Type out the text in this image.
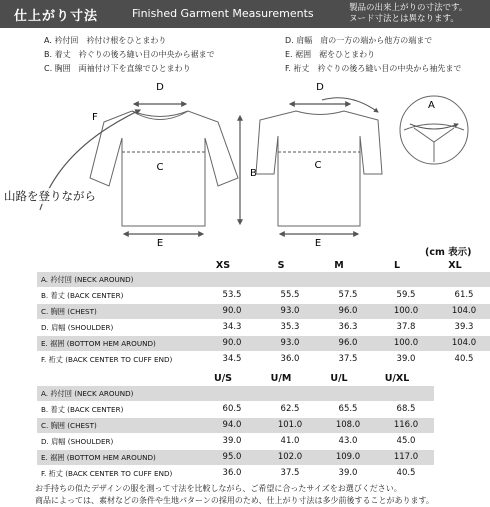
仕上がり寸法	Finished Garment Measurements	製品の出来上がりの寸法です。
ヌード寸法とは異なります。
A. 衿付回　衿付け根をひとまわり
B. 着丈　衿ぐりの後ろ縫い目の中央から裾まで
C. 胸囲　両袖付け下を直線でひとまわり
D. 肩幅　肩の一方の端から他方の端まで
E. 裾囲　裾をひとまわり
F. 裄丈　衿ぐりの後ろ縫い目の中央から袖先まで
D
F
C
E
B
D
C
E
A
山路を登りながら
(cm 表示)
XS	S	M	L	XL
A. 衿付回 (NECK AROUND)
B. 着丈 (BACK CENTER)	53.5	55.5	57.5	59.5	61.5
C. 胸囲 (CHEST)	90.0	93.0	96.0	100.0	104.0
D. 肩幅 (SHOULDER)	34.3	35.3	36.3	37.8	39.3
E. 裾囲 (BOTTOM HEM AROUND)	90.0	93.0	96.0	100.0	104.0
F. 裄丈 (BACK CENTER TO CUFF END)	34.5	36.0	37.5	39.0	40.5
U/S	U/M	U/L	U/XL
A. 衿付回 (NECK AROUND)
B. 着丈 (BACK CENTER)	60.5	62.5	65.5	68.5
C. 胸囲 (CHEST)	94.0	101.0	108.0	116.0
D. 肩幅 (SHOULDER)	39.0	41.0	43.0	45.0
E. 裾囲 (BOTTOM HEM AROUND)	95.0	102.0	109.0	117.0
F. 裄丈 (BACK CENTER TO CUFF END)	36.0	37.5	39.0	40.5
お手持ちの似たデザインの服を測って寸法を比較しながら、ご希望に合ったサイズをお選びください。
商品によっては、素材などの条件や生地パターンの採用のため、仕上がり寸法は多少前後することがあります。
